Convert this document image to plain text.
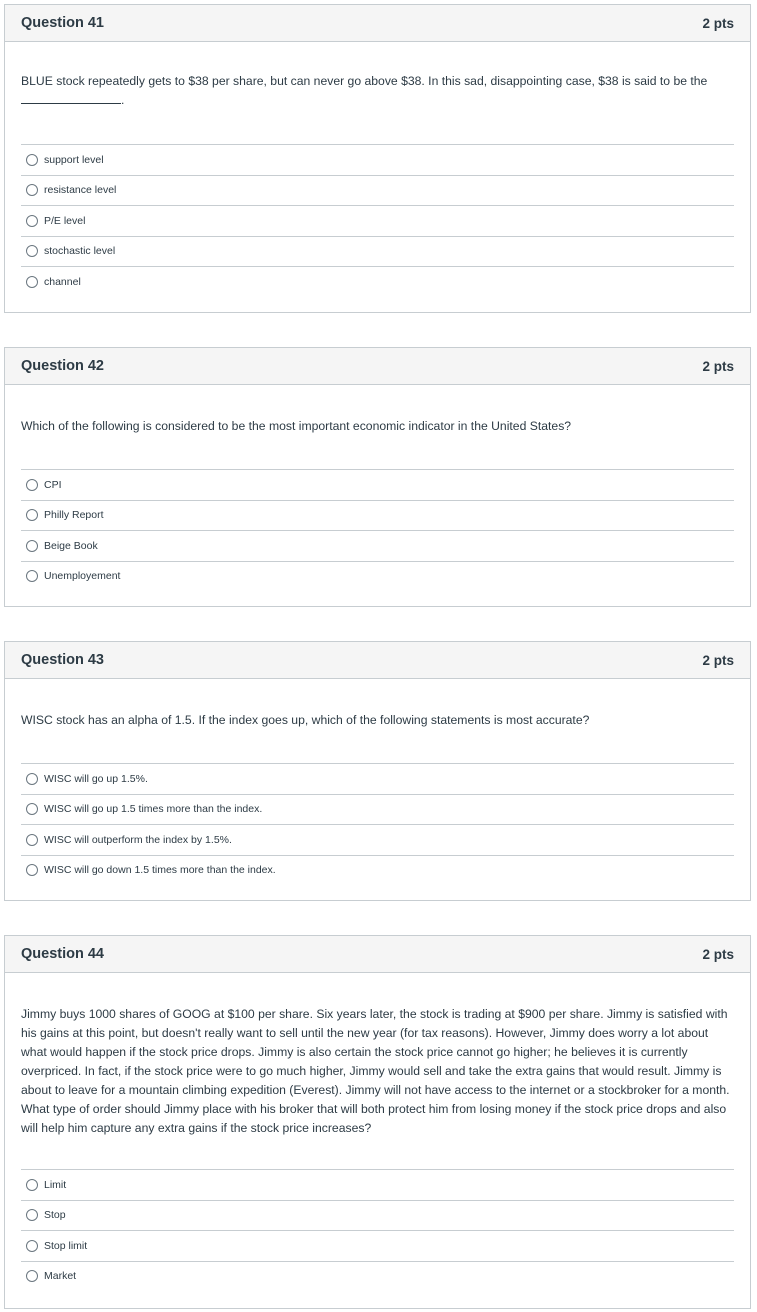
Question 41	2 pts
BLUE stock repeatedly gets to $38 per share, but can never go above $38. In this sad, disappointing case, $38 is said to be the
.
support level
resistance level
P/E level
stochastic level
channel
Question 42	2 pts
Which of the following is considered to be the most important economic indicator in the United States?
CPI
Philly Report
Beige Book
Unemployement
Question 43	2 pts
WISC stock has an alpha of 1.5. If the index goes up, which of the following statements is most accurate?
WISC will go up 1.5%.
WISC will go up 1.5 times more than the index.
WISC will outperform the index by 1.5%.
WISC will go down 1.5 times more than the index.
Question 44	2 pts
Jimmy buys 1000 shares of GOOG at $100 per share. Six years later, the stock is trading at $900 per share. Jimmy is satisfied with his gains at this point, but doesn't really want to sell until the new year (for tax reasons). However, Jimmy does worry a lot about what would happen if the stock price drops. Jimmy is also certain the stock price cannot go higher; he believes it is currently overpriced. In fact, if the stock price were to go much higher, Jimmy would sell and take the extra gains that would result. Jimmy is about to leave for a mountain climbing expedition (Everest). Jimmy will not have access to the internet or a stockbroker for a month. What type of order should Jimmy place with his broker that will both protect him from losing money if the stock price drops and also will help him capture any extra gains if the stock price increases?
Limit
Stop
Stop limit
Market
